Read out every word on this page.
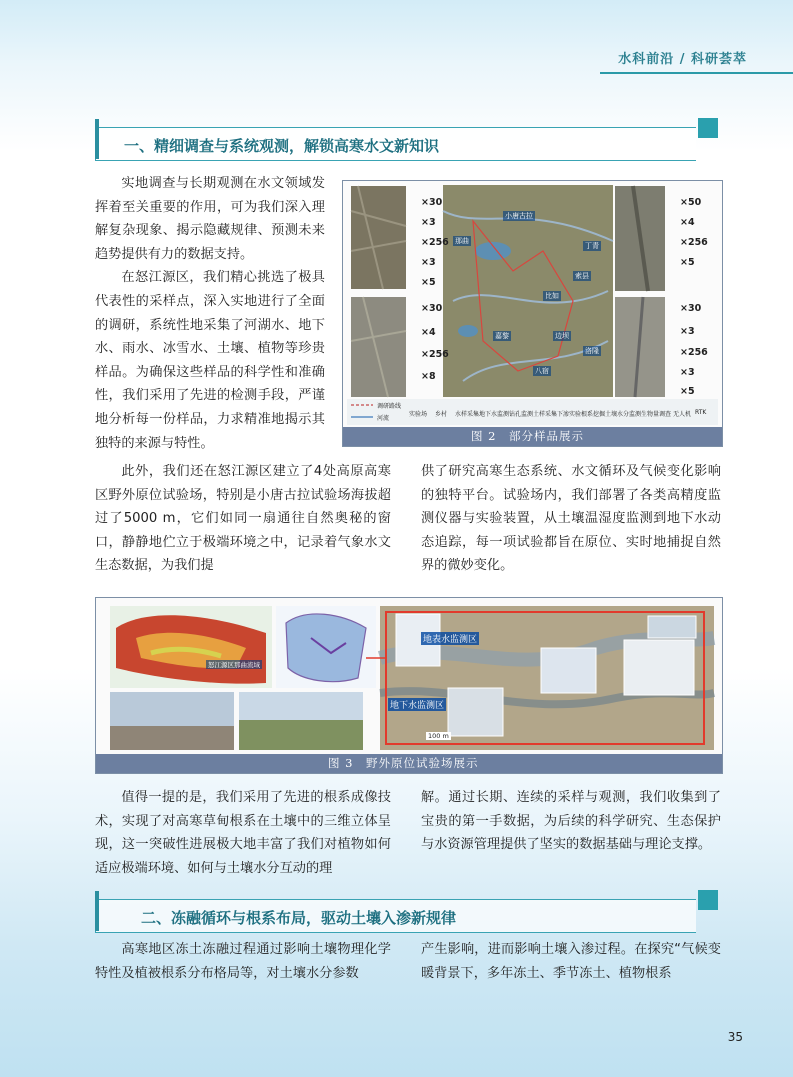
水科前沿 / 科研荟萃
一、精细调查与系统观测，解锁高寒水文新知识

实地调查与长期观测在水文领域发挥着至关重要的作用，可为我们深入理解复杂现象、揭示隐藏规律、预测未来趋势提供有力的数据支持。

在怒江源区，我们精心挑选了极具代表性的采样点，深入实地进行了全面的调研，系统性地采集了河湖水、地下水、雨水、冰雪水、土壤、植物等珍贵样品。为确保这些样品的科学性和准确性，我们采用了先进的检测手段，严谨地分析每一份样品，力求精准地揭示其独特的来源与特性。

×30
×3
×256
×3
×5
×30
×4
×256
×8
×50
×4
×256
×5
×30
×3
×256
×3
×5
小唐古拉
那曲
嘉黎
比如
索县
丁青
边坝
洛隆
八宿
调研路线
河流
实验场 乡村 水样采集 地下水监测 钻孔监测 土样采集 下渗实验 根系挖掘 土壤水分监测 生物量调查 无人机 RTK
图 2　部分样品展示

此外，我们还在怒江源区建立了4处高原高寒区野外原位试验场，特别是小唐古拉试验场海拔超过了5000 m，它们如同一扇通往自然奥秘的窗口，静静地伫立于极端环境之中，记录着气象水文生态数据，为我们提

供了研究高寒生态系统、水文循环及气候变化影响的独特平台。试验场内，我们部署了各类高精度监测仪器与实验装置，从土壤温湿度监测到地下水动态追踪，每一项试验都旨在原位、实时地捕捉自然界的微妙变化。

地表水监测区
地下水监测区
怒江源区那曲流域
100 m
图 3　野外原位试验场展示

值得一提的是，我们采用了先进的根系成像技术，实现了对高寒草甸根系在土壤中的三维立体呈现，这一突破性进展极大地丰富了我们对植物如何适应极端环境、如何与土壤水分互动的理

解。通过长期、连续的采样与观测，我们收集到了宝贵的第一手数据，为后续的科学研究、生态保护与水资源管理提供了坚实的数据基础与理论支撑。

二、冻融循环与根系布局，驱动土壤入渗新规律

高寒地区冻土冻融过程通过影响土壤物理化学特性及植被根系分布格局等，对土壤水分参数

产生影响，进而影响土壤入渗过程。在探究“气候变暖背景下，多年冻土、季节冻土、植物根系

35
